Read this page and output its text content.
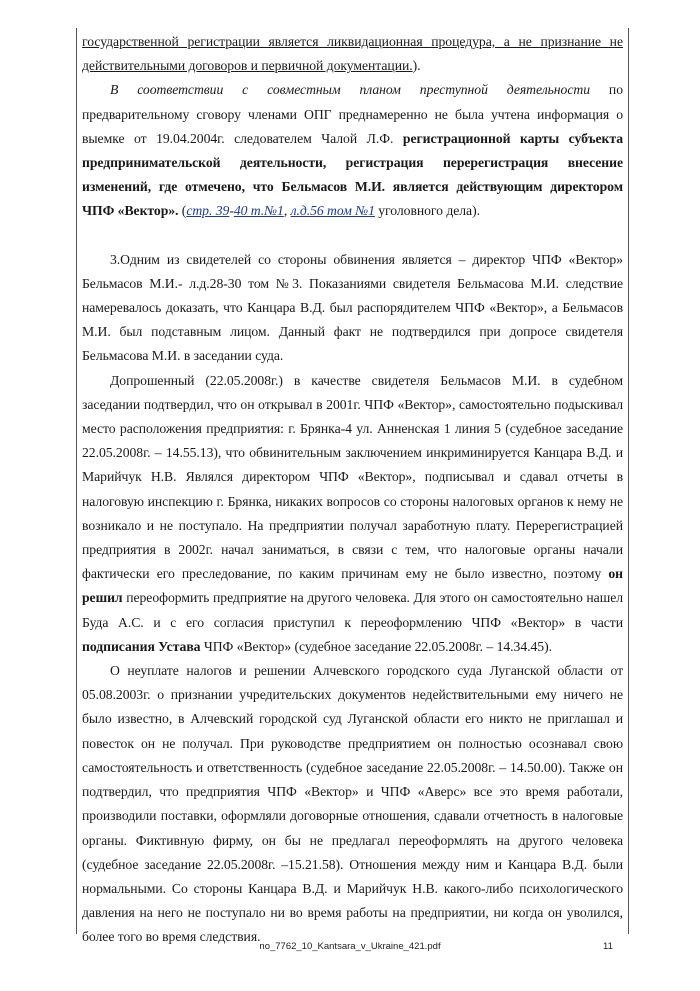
государственной регистрации является ликвидационная процедура, а не признание не действительными договоров и первичной документации.).

В соответствии с совместным планом преступной деятельности по предварительному сговору членами ОПГ преднамеренно не была учтена информация о выемке от 19.04.2004г. следователем Чалой Л.Ф. регистрационной карты субъекта предпринимательской деятельности, регистрация перерегистрация внесение изменений, где отмечено, что Бельмасов М.И. является действующим директором ЧПФ «Вектор». (стр. 39-40 т.№1, л.д.56 том №1 уголовного дела).

3.Одним из свидетелей со стороны обвинения является – директор ЧПФ «Вектор» Бельмасов М.И.- л.д.28-30 том №3. Показаниями свидетеля Бельмасова М.И. следствие намеревалось доказать, что Канцара В.Д. был распорядителем ЧПФ «Вектор», а Бельмасов М.И. был подставным лицом. Данный факт не подтвердился при допросе свидетеля Бельмасова М.И. в заседании суда.

Допрошенный (22.05.2008г.) в качестве свидетеля Бельмасов М.И. в судебном заседании подтвердил, что он открывал в 2001г. ЧПФ «Вектор», самостоятельно подыскивал место расположения предприятия: г. Брянка-4 ул. Анненская 1 линия 5 (судебное заседание 22.05.2008г. – 14.55.13), что обвинительным заключением инкриминируется Канцара В.Д. и Марийчук Н.В. Являлся директором ЧПФ «Вектор», подписывал и сдавал отчеты в налоговую инспекцию г. Брянка, никаких вопросов со стороны налоговых органов к нему не возникало и не поступало. На предприятии получал заработную плату. Перерегистрацией предприятия в 2002г. начал заниматься, в связи с тем, что налоговые органы начали фактически его преследование, по каким причинам ему не было известно, поэтому он решил переоформить предприятие на другого человека. Для этого он самостоятельно нашел Буда А.С. и с его согласия приступил к переоформлению ЧПФ «Вектор» в части подписания Устава ЧПФ «Вектор» (судебное заседание 22.05.2008г. – 14.34.45).

О неуплате налогов и решении Алчевского городского суда Луганской области от 05.08.2003г. о признании учредительских документов недействительными ему ничего не было известно, в Алчевский городской суд Луганской области его никто не приглашал и повесток он не получал. При руководстве предприятием он полностью осознавал свою самостоятельность и ответственность (судебное заседание 22.05.2008г. – 14.50.00). Также он подтвердил, что предприятия ЧПФ «Вектор» и ЧПФ «Аверс» все это время работали, производили поставки, оформляли договорные отношения, сдавали отчетность в налоговые органы. Фиктивную фирму, он бы не предлагал переоформлять на другого человека (судебное заседание 22.05.2008г. –15.21.58). Отношения между ним и Канцара В.Д. были нормальными. Со стороны Канцара В.Д. и Марийчук Н.В. какого-либо психологического давления на него не поступало ни во время работы на предприятии, ни когда он уволился, более того во время следствия.

no_7762_10_Kantsara_v_Ukraine_421.pdf	11
